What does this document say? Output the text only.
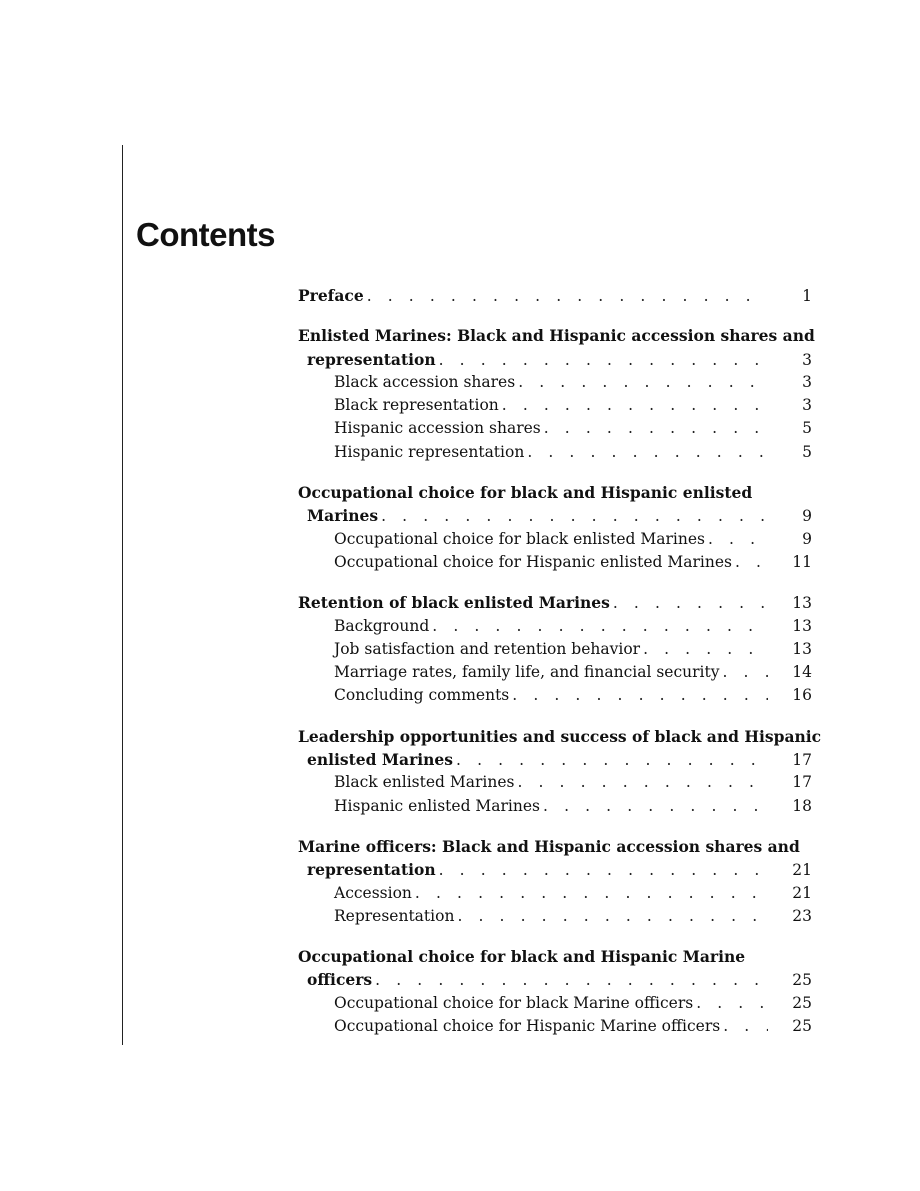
Contents
Preface . . .	1
Enlisted Marines: Black and Hispanic accession shares and
representation . . .	3
Black accession shares . . .	3
Black representation . . .	3
Hispanic accession shares . . .	5
Hispanic representation . . .	5
Occupational choice for black and Hispanic enlisted
Marines . . .	9
Occupational choice for black enlisted Marines . . .	9
Occupational choice for Hispanic enlisted Marines . . .	11
Retention of black enlisted Marines . . .	13
Background . . .	13
Job satisfaction and retention behavior . . .	13
Marriage rates, family life, and financial security . . .	14
Concluding comments . . .	16
Leadership opportunities and success of black and Hispanic
enlisted Marines . . .	17
Black enlisted Marines . . .	17
Hispanic enlisted Marines . . .	18
Marine officers: Black and Hispanic accession shares and
representation . . .	21
Accession . . .	21
Representation . . .	23
Occupational choice for black and Hispanic Marine
officers . . .	25
Occupational choice for black Marine officers . . .	25
Occupational choice for Hispanic Marine officers . . .	25
